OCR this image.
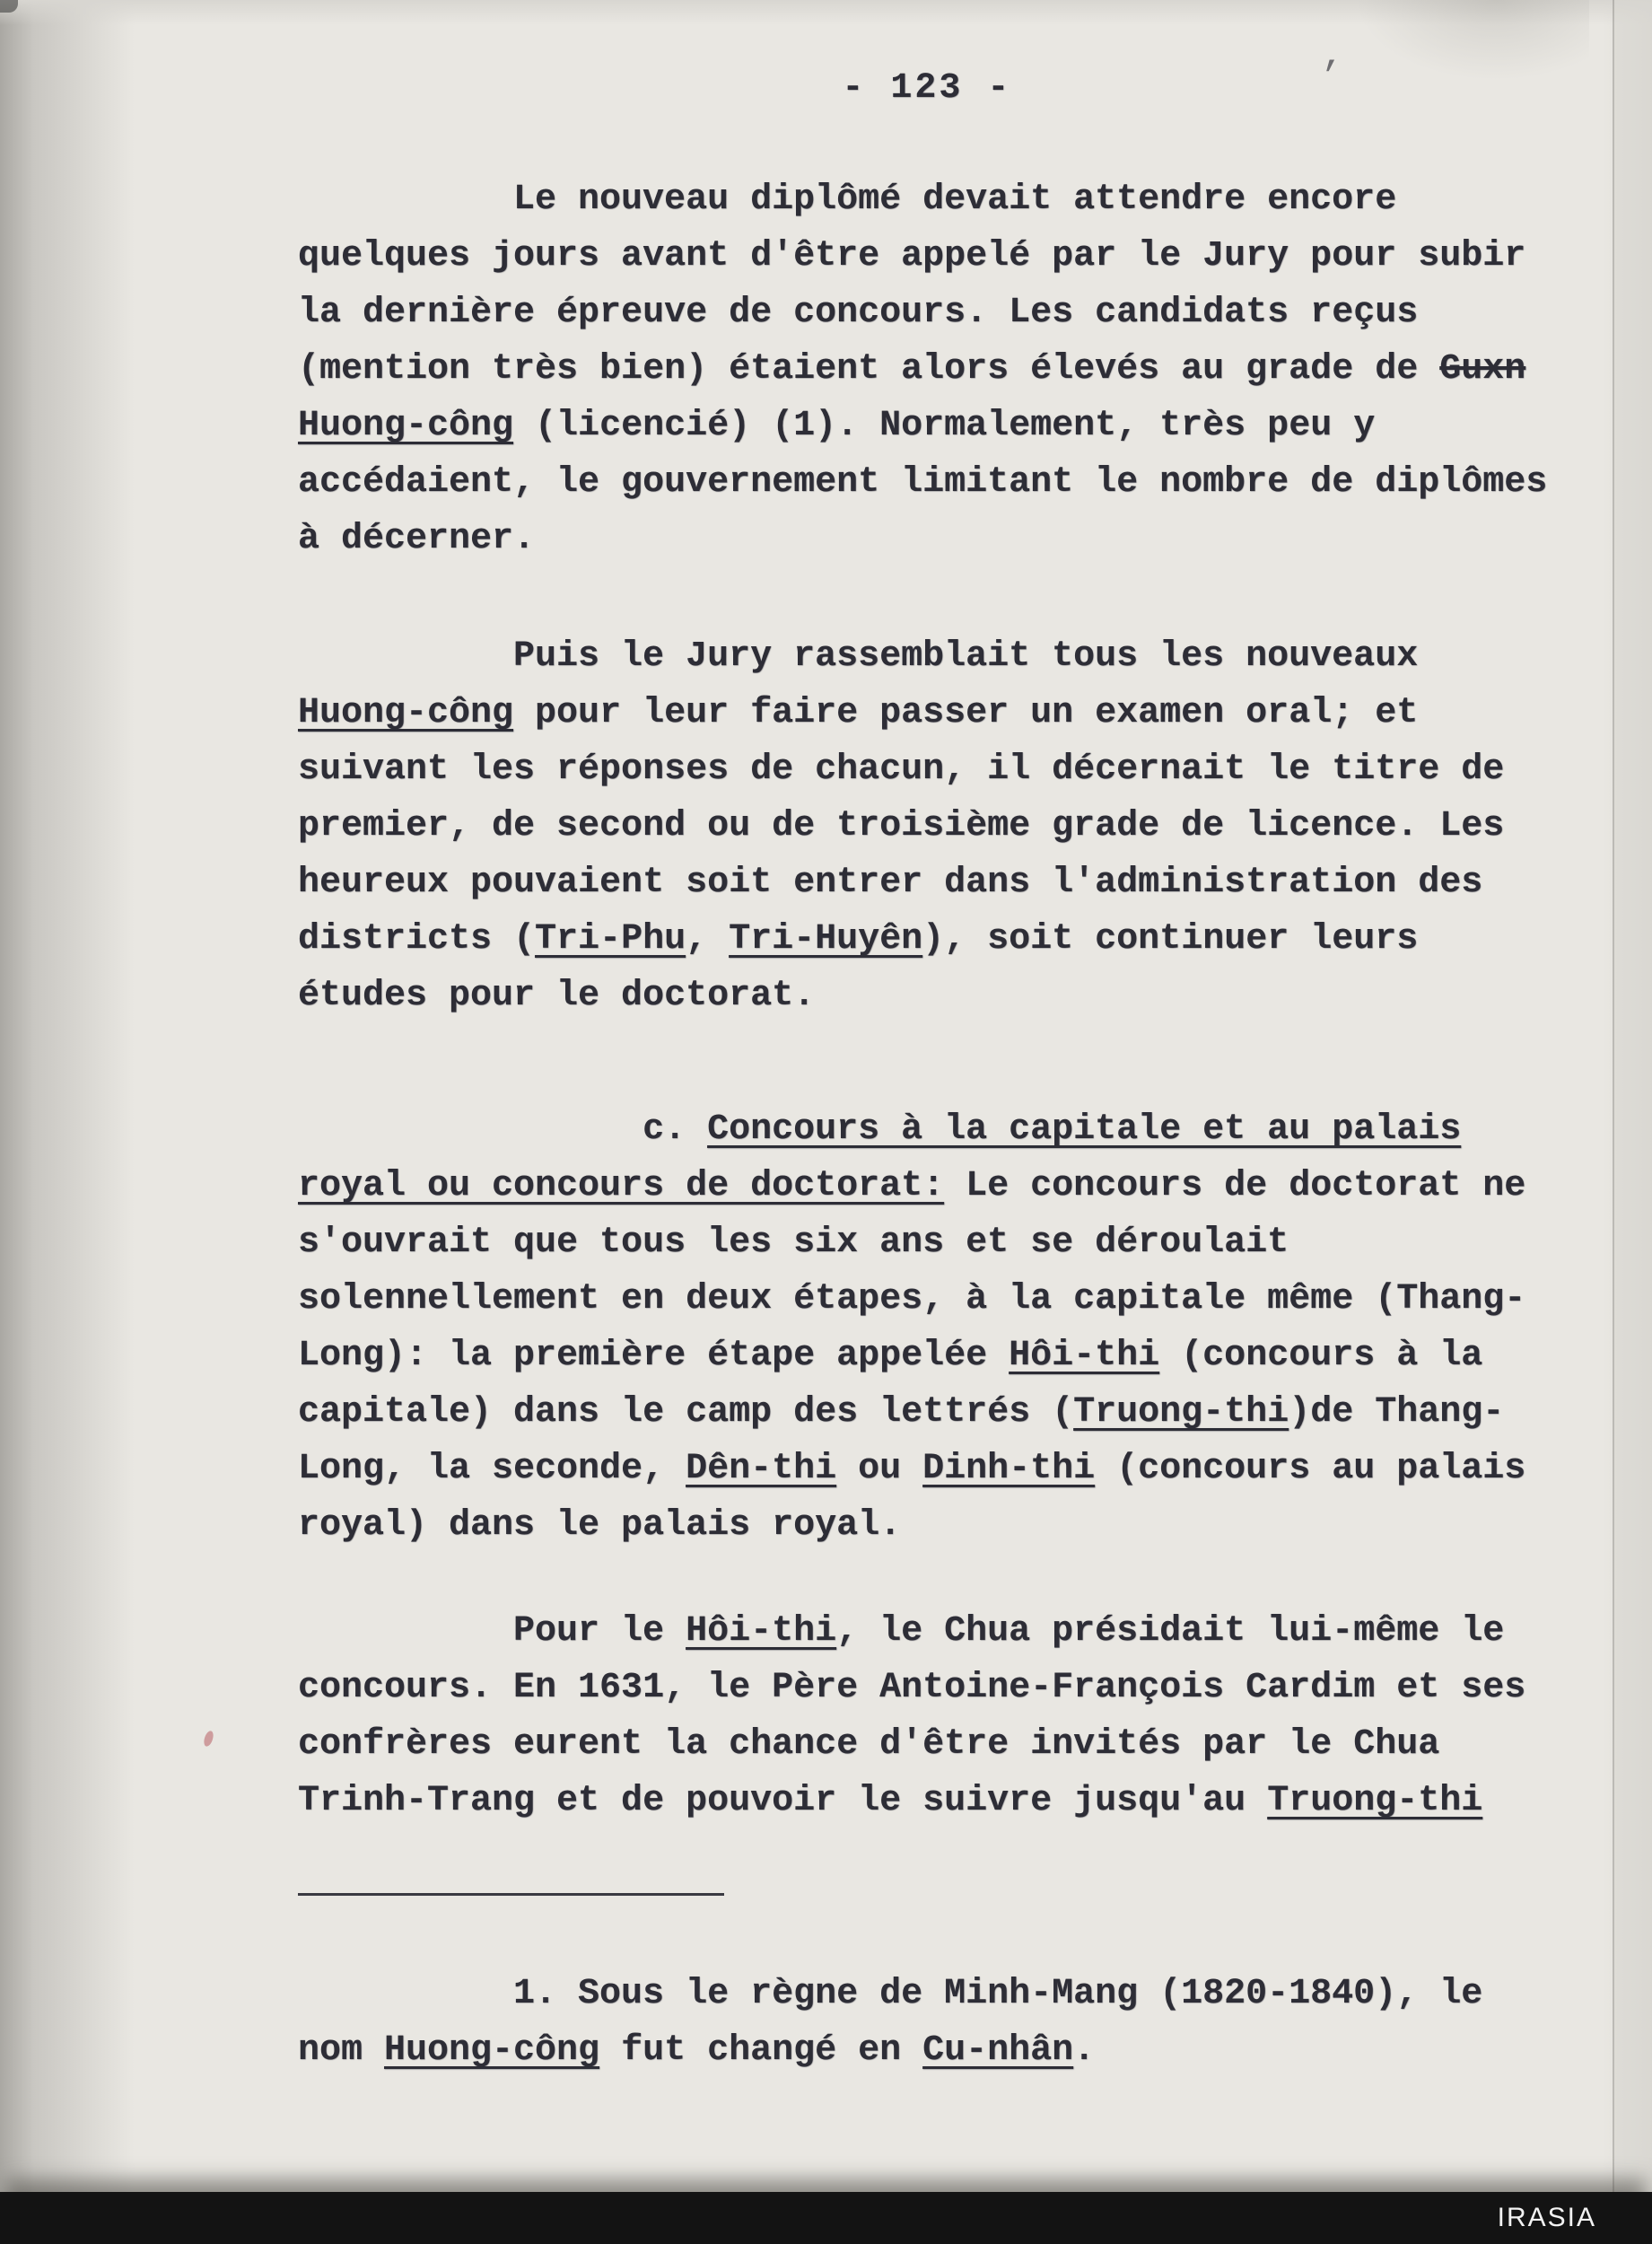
’
- 123 -

Le nouveau diplômé devait attendre encore quelques jours avant d'être appelé par le Jury pour subir la dernière épreuve de concours. Les candidats reçus (mention très bien) étaient alors élevés au grade de Guxn Huong-công (licencié) (1). Normalement, très peu y accédaient, le gouvernement limitant le nombre de diplômes à décerner.

Puis le Jury rassemblait tous les nouveaux Huong-công pour leur faire passer un examen oral; et suivant les réponses de chacun, il décernait le titre de premier, de second ou de troisième grade de licence. Les heureux pouvaient soit entrer dans l'administration des districts (Tri-Phu, Tri-Huyên), soit continuer leurs études pour le doctorat.

c. Concours à la capitale et au palais royal ou concours de doctorat: Le concours de doctorat ne s'ouvrait que tous les six ans et se déroulait solennellement en deux étapes, à la capitale même (Thang-Long): la première étape appelée Hôi-thi (concours à la capitale) dans le camp des lettrés (Truong-thi)de Thang-Long, la seconde, Dên-thi ou Dinh-thi (concours au palais royal) dans le palais royal.

Pour le Hôi-thi, le Chua présidait lui-même le concours. En 1631, le Père Antoine-François Cardim et ses confrères eurent la chance d'être invités par le Chua Trinh-Trang et de pouvoir le suivre jusqu'au Truong-thi

1. Sous le règne de Minh-Mang (1820-1840), le nom Huong-công fut changé en Cu-nhân.

IRASIA
